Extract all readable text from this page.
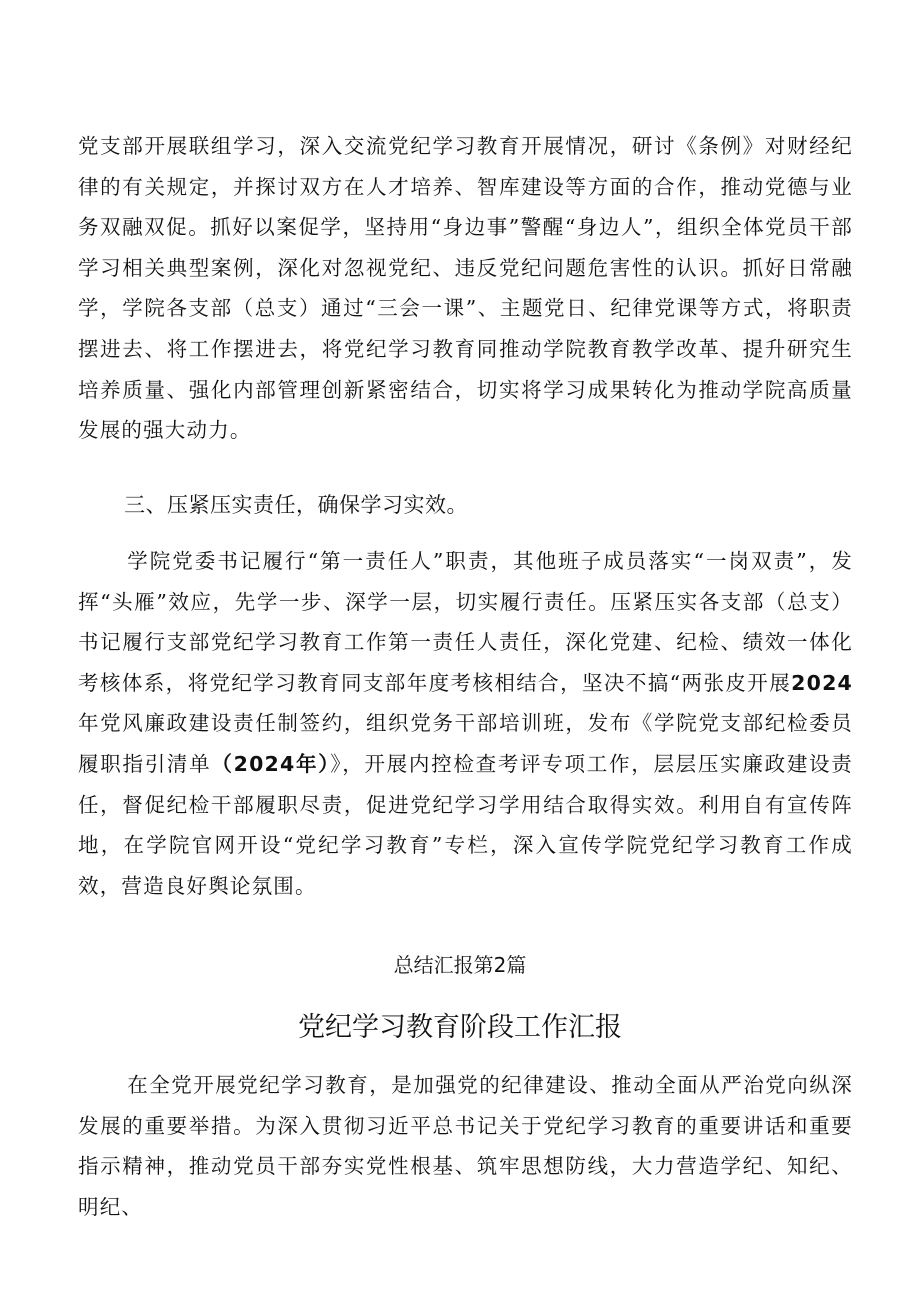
党支部开展联组学习，深入交流党纪学习教育开展情况，研讨《条例》对财经纪律的有关规定，并探讨双方在人才培养、智库建设等方面的合作，推动党德与业务双融双促。抓好以案促学，坚持用“身边事”警醒“身边人”，组织全体党员干部学习相关典型案例，深化对忽视党纪、违反党纪问题危害性的认识。抓好日常融学，学院各支部（总支）通过“三会一课”、主题党日、纪律党课等方式，将职责摆进去、将工作摆进去，将党纪学习教育同推动学院教育教学改革、提升研究生培养质量、强化内部管理创新紧密结合，切实将学习成果转化为推动学院高质量发展的强大动力。

三、压紧压实责任，确保学习实效。

学院党委书记履行“第一责任人”职责，其他班子成员落实“一岗双责”，发挥“头雁”效应，先学一步、深学一层，切实履行责任。压紧压实各支部（总支）书记履行支部党纪学习教育工作第一责任人责任，深化党建、纪检、绩效一体化考核体系，将党纪学习教育同支部年度考核相结合，坚决不搞“两张皮开展2024年党风廉政建设责任制签约，组织党务干部培训班，发布《学院党支部纪检委员履职指引清单（2024年）》，开展内控检查考评专项工作，层层压实廉政建设责任，督促纪检干部履职尽责，促进党纪学习学用结合取得实效。利用自有宣传阵地，在学院官网开设“党纪学习教育”专栏，深入宣传学院党纪学习教育工作成效，营造良好舆论氛围。

总结汇报第2篇

党纪学习教育阶段工作汇报

在全党开展党纪学习教育，是加强党的纪律建设、推动全面从严治党向纵深发展的重要举措。为深入贯彻习近平总书记关于党纪学习教育的重要讲话和重要指示精神，推动党员干部夯实党性根基、筑牢思想防线，大力营造学纪、知纪、明纪、
